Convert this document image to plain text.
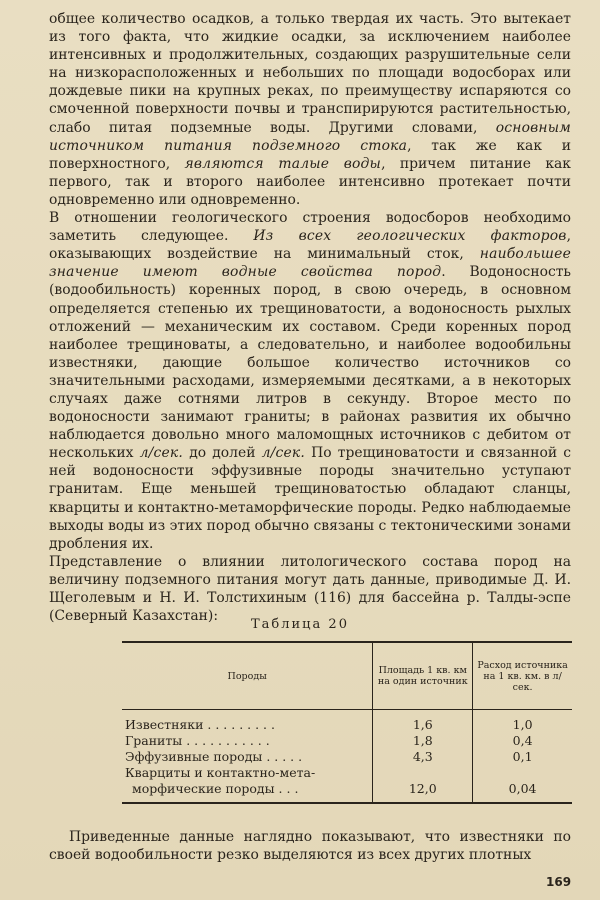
общее количество осадков, а только твердая их часть. Это вытекает из того факта, что жидкие осадки, за исключением наиболее интенсивных и продолжительных, создающих разрушительные сели на низкорасположенных и небольших по площади водосборах или дождевые пики на крупных реках, по преимуществу испаряются со смоченной поверхности почвы и транспирируются растительностью, слабо питая подземные воды. Другими словами, основным источником питания подземного стока, так же как и поверхностного, являются талые воды, причем питание как первого, так и второго наиболее интенсивно протекает почти одновременно или одновременно.

В отношении геологического строения водосборов необходимо заметить следующее. Из всех геологических факторов, оказывающих воздействие на минимальный сток, наибольшее значение имеют водные свойства пород. Водоносность (водообильность) коренных пород, в свою очередь, в основном определяется степенью их трещиноватости, а водоносность рыхлых отложений — механическим их составом. Среди коренных пород наиболее трещиноваты, а следовательно, и наиболее водообильны известняки, дающие большое количество источников со значительными расходами, измеряемыми десятками, а в некоторых случаях даже сотнями литров в секунду. Второе место по водоносности занимают граниты; в районах развития их обычно наблюдается довольно много маломощных источников с дебитом от нескольких л/сек. до долей л/сек. По трещиноватости и связанной с ней водоносности эффузивные породы значительно уступают гранитам. Еще меньшей трещиноватостью обладают сланцы, кварциты и контактно-метаморфические породы. Редко наблюдаемые выходы воды из этих пород обычно связаны с тектоническими зонами дробления их.

Представление о влиянии литологического состава пород на величину подземного питания могут дать данные, приводимые Д. И. Щеголевым и Н. И. Толстихиным (116) для бассейна р. Талды-эспе (Северный Казахстан):

Таблица 20
Породы	Площадь 1 кв. км на один источник	Расход источника на 1 кв. км. в л/сек.

Известняки . . . . . . . . .	1,6	1,0
Граниты . . . . . . . . . . .	1,8	0,4
Эффузивные породы . . . . .	4,3	0,1
Кварциты и контактно-мета-		
морфические породы . . .	12,0	0,04

Приведенные данные наглядно показывают, что известняки по своей водообильности резко выделяются из всех других плотных

169
